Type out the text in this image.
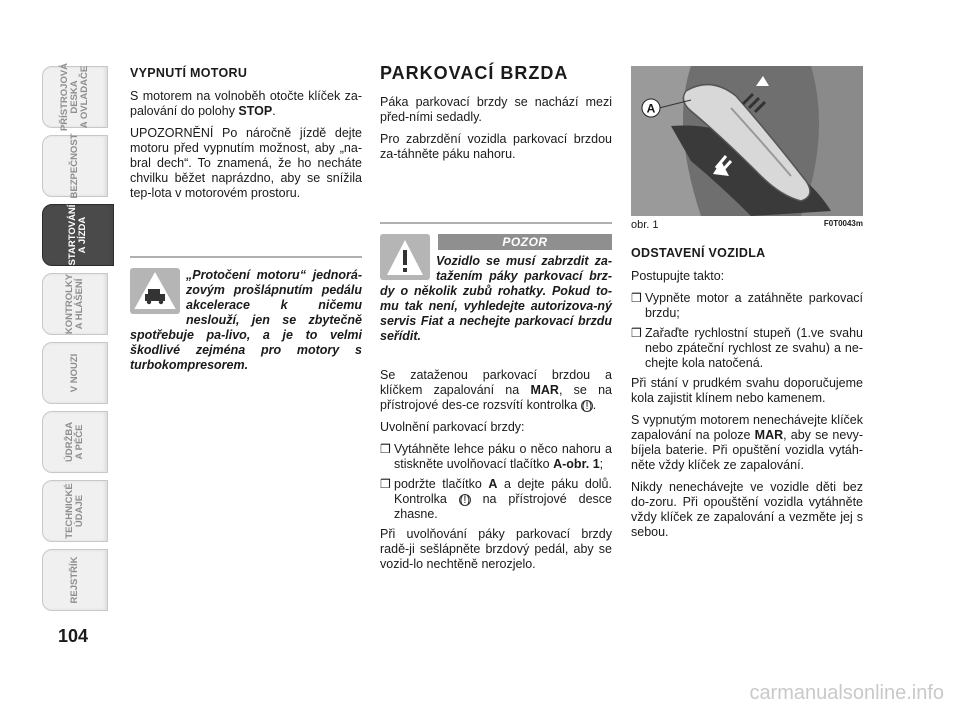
PŘÍSTROJOVÁ
DESKA
A OVLADAČE
BEZPEČNOST
STARTOVÁNÍ
A JÍZDA
KONTROLKY
A HLÁŠENÍ
V NOUZI
ÚDRŽBA
A PÉČE
TECHNICKÉ
ÚDAJE
REJSTŘÍK
104
VYPNUTÍ MOTORU

S motorem na volnoběh otočte klíček za-palování do polohy STOP.

UPOZORNĚNÍ Po náročně jízdě dejte motoru před vypnutím možnost, aby „na-bral dech“. To znamená, že ho necháte chvilku běžet naprázdno, aby se snížila tep-lota v motorovém prostoru.

„Protočení motoru“ jednorá-zovým prošlápnutím pedálu akcelerace k ničemu neslouží, jen se zbytečně spotřebuje pa-livo, a je to velmi škodlivé zejména pro motory s turbokompresorem.

PARKOVACÍ BRZDA

Páka parkovací brzdy se nachází mezi před-ními sedadly.

Pro zabrzdění vozidla parkovací brzdou za-táhněte páku nahoru.

POZOR

Vozidlo se musí zabrzdit za-tažením páky parkovací brz-dy o několik zubů rohatky. Pokud to-mu tak není, vyhledejte autorizova-ný servis Fiat a nechejte parkovací brzdu seřídit.

Se zataženou parkovací brzdou a klíčkem zapalování na MAR, se na přístrojové des-ce rozsvítí kontrolka (!).

Uvolnění parkovací brzdy:

❒ Vytáhněte lehce páku o něco nahoru a stiskněte uvolňovací tlačítko A-obr. 1;
❒ podržte tlačítko A a dejte páku dolů. Kontrolka (!) na přístrojové desce zhasne.

Při uvolňování páky parkovací brzdy radě-ji sešlápněte brzdový pedál, aby se vozid-lo nechtěně nerozjelo.

A
obr. 1	F0T0043m
ODSTAVENÍ VOZIDLA

Postupujte takto:

❒ Vypněte motor a zatáhněte parkovací brzdu;
❒ Zařaďte rychlostní stupeň (1.ve svahu nebo zpáteční rychlost ze svahu) a ne-chejte kola natočená.

Při stání v prudkém svahu doporučujeme kola zajistit klínem nebo kamenem.

S vypnutým motorem nenechávejte klíček zapalování na poloze MAR, aby se nevy-bíjela baterie. Při opuštění vozidla vytáh-něte vždy klíček ze zapalování.

Nikdy nenechávejte ve vozidle děti bez do-zoru. Při opouštění vozidla vytáhněte vždy klíček ze zapalování a vezměte jej s sebou.

carmanualsonline.info
